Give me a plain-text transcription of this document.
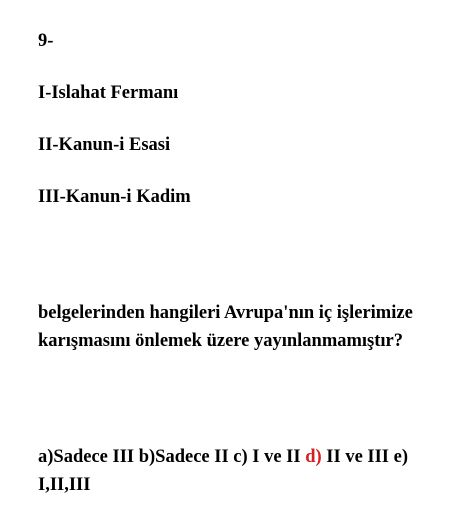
9-
I-Islahat Fermanı
II-Kanun-i Esasi
III-Kanun-i Kadim
belgelerinden hangileri Avrupa'nın iç işlerimize
karışmasını önlemek üzere yayınlanmamıştır?
a)Sadece III b)Sadece II c) I ve II d) II ve III e)
I,II,III
